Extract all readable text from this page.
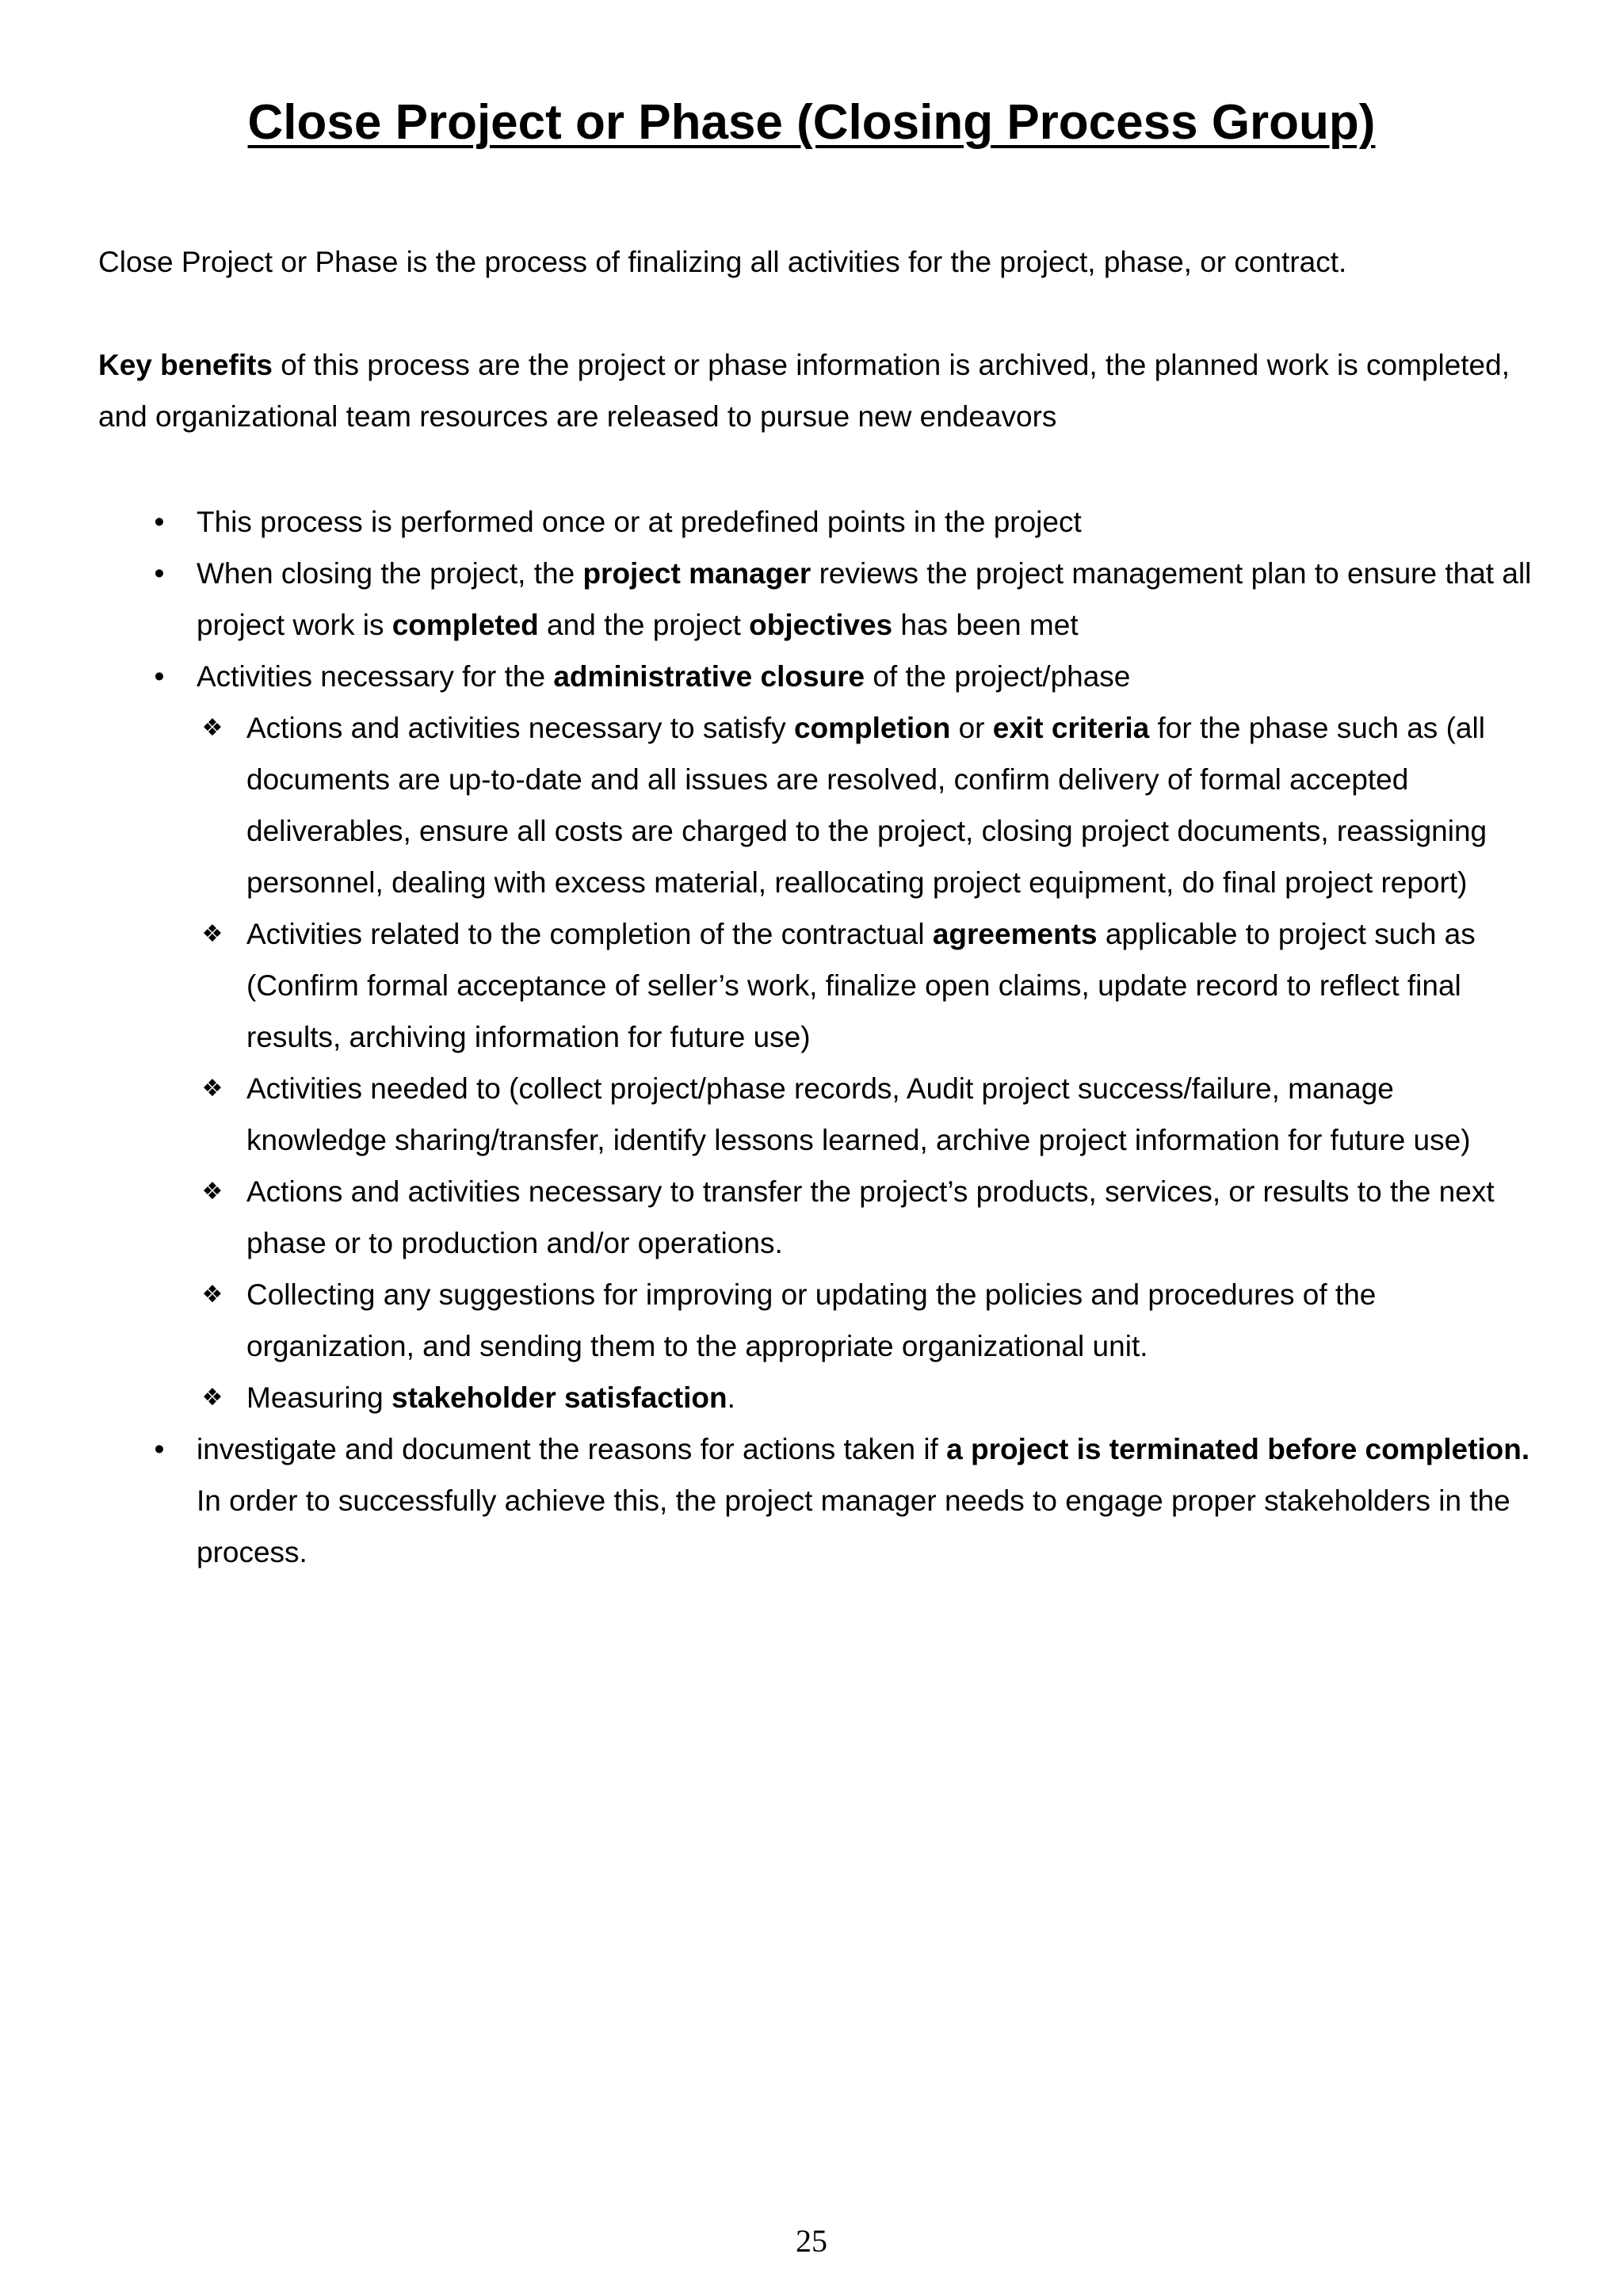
Close Project or Phase (Closing Process Group)

Close Project or Phase is the process of finalizing all activities for the project, phase, or contract.

Key benefits of this process are the project or phase information is archived, the planned work is completed, and organizational team resources are released to pursue new endeavors

• This process is performed once or at predefined points in the project
• When closing the project, the project manager reviews the project management plan to ensure that all project work is completed and the project objectives has been met
• Activities necessary for the administrative closure of the project/phase
❖ Actions and activities necessary to satisfy completion or exit criteria for the phase such as (all documents are up-to-date and all issues are resolved, confirm delivery of formal accepted deliverables, ensure all costs are charged to the project, closing project documents, reassigning personnel, dealing with excess material, reallocating project equipment, do final project report)
❖ Activities related to the completion of the contractual agreements applicable to project such as (Confirm formal acceptance of seller’s work, finalize open claims, update record to reflect final results, archiving information for future use)
❖ Activities needed to (collect project/phase records, Audit project success/failure, manage knowledge sharing/transfer, identify lessons learned, archive project information for future use)
❖ Actions and activities necessary to transfer the project’s products, services, or results to the next phase or to production and/or operations.
❖ Collecting any suggestions for improving or updating the policies and procedures of the organization, and sending them to the appropriate organizational unit.
❖ Measuring stakeholder satisfaction.
• investigate and document the reasons for actions taken if a project is terminated before completion. In order to successfully achieve this, the project manager needs to engage proper stakeholders in the process.
25
